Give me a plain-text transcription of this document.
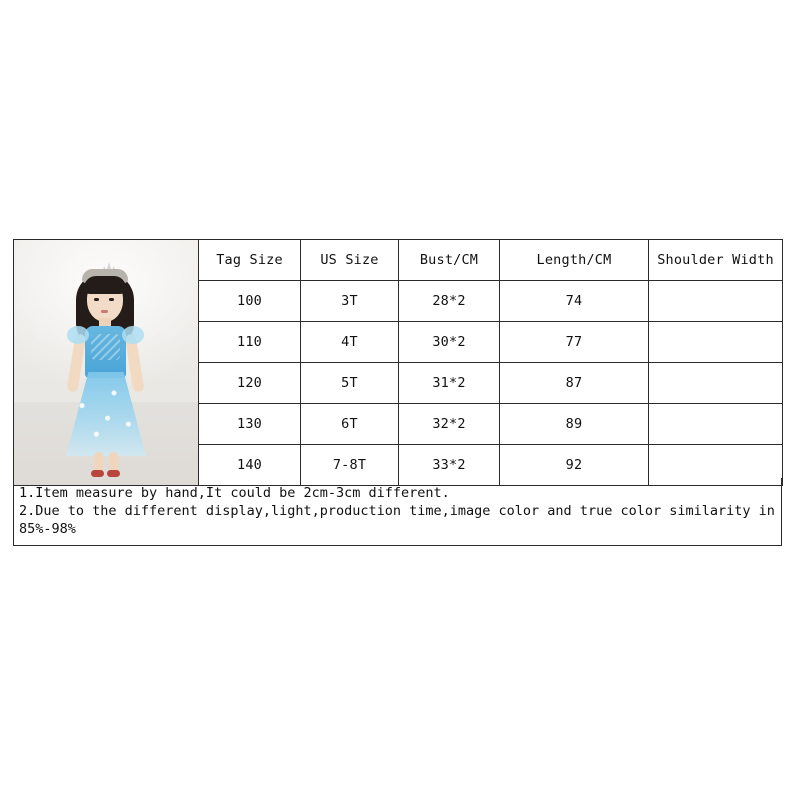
	Tag Size	US Size	Bust/CM	Length/CM	Shoulder Width
	100	3T	28*2	74	
	110	4T	30*2	77	
	120	5T	31*2	87	
	130	6T	32*2	89	
	140	7-8T	33*2	92	
1.Item measure by hand,It could be 2cm-3cm different.
2.Due to the different display,light,production time,image color and true color similarity in 85%-98%
